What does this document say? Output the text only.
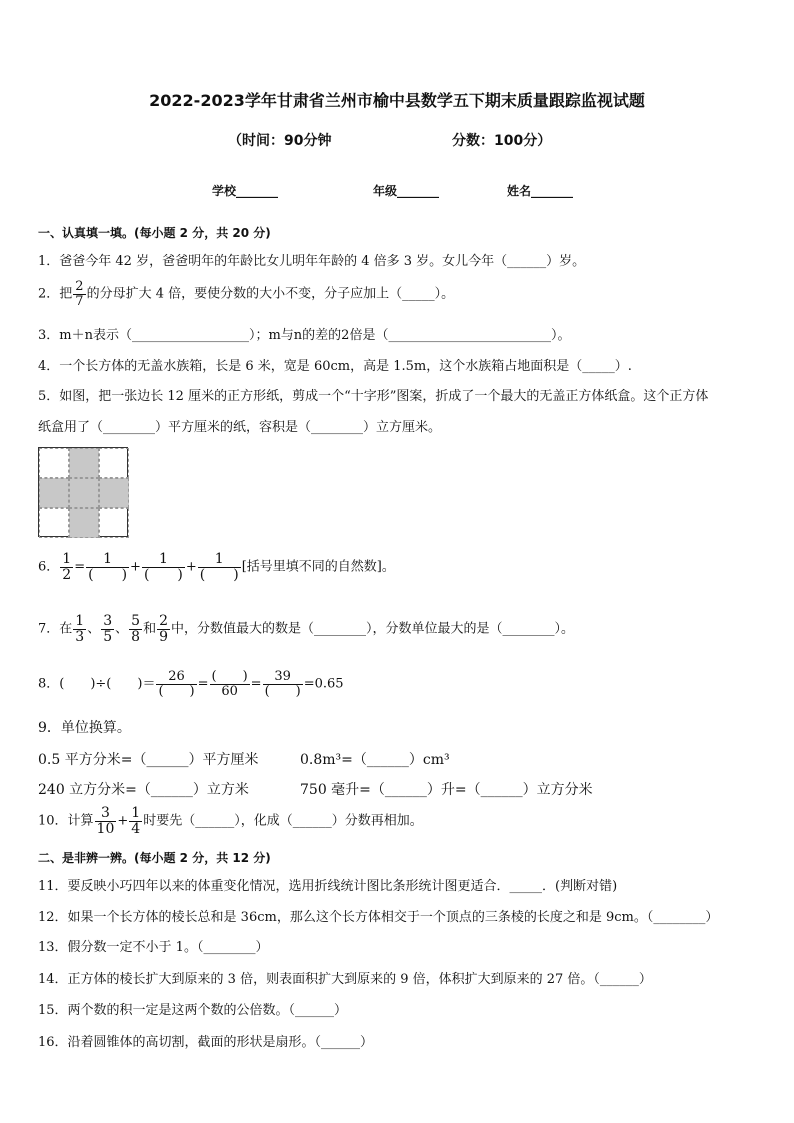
2022-2023学年甘肃省兰州市榆中县数学五下期末质量跟踪监视试题
（时间：90分钟	分数：100分）
学校_______	年级_______	姓名_______
一、认真填一填。(每小题 2 分，共 20 分)
1．爸爸今年 42 岁，爸爸明年的年龄比女儿明年年龄的 4 倍多 3 岁。女儿今年（______）岁。
2．把 $\frac{2}{7}$ 的分母扩大 4 倍，要使分数的大小不变，分子应加上（_____）。
3．m＋n表示（__________________）；m与n的差的2倍是（_________________________）。
4．一个长方体的无盖水族箱，长是 6 米，宽是 60cm，高是 1.5m，这个水族箱占地面积是（_____）.
5．如图，把一张边长 12 厘米的正方形纸，剪成一个“十字形”图案，折成了一个最大的无盖正方体纸盒。这个正方体
纸盒用了（________）平方厘米的纸，容积是（________）立方厘米。
6． $\frac{1}{2} = \frac{1}{( )} + \frac{1}{( )} + \frac{1}{( )}$ [括号里填不同的自然数]。
7．在 $\frac{1}{3}$ 、 $\frac{3}{5}$ 、 $\frac{5}{8}$ 和 $\frac{2}{9}$ 中，分数值最大的数是（________），分数单位最大的是（________）。
8．(　　)÷(　　)＝ $\frac{26}{( )} = \frac{( )}{60} = \frac{39}{( )} =0.65$
9．单位换算。
0.5 平方分米=（______）平方厘米	0.8m³=（______）cm³
240 立方分米=（______）立方米	750 毫升=（______）升=（______）立方分米
10．计算 $\frac{3}{10} + \frac{1}{4}$ 时要先（______），化成（______）分数再相加。
二、是非辨一辨。(每小题 2 分，共 12 分)
11．要反映小巧四年以来的体重变化情况，选用折线统计图比条形统计图更适合．_____．(判断对错)
12．如果一个长方体的棱长总和是 36cm，那么这个长方体相交于一个顶点的三条棱的长度之和是 9cm。（________）
13．假分数一定不小于 1。（________）
14．正方体的棱长扩大到原来的 3 倍，则表面积扩大到原来的 9 倍，体积扩大到原来的 27 倍。（______）
15．两个数的积一定是这两个数的公倍数。（______）
16．沿着圆锥体的高切割，截面的形状是扇形。（______）
